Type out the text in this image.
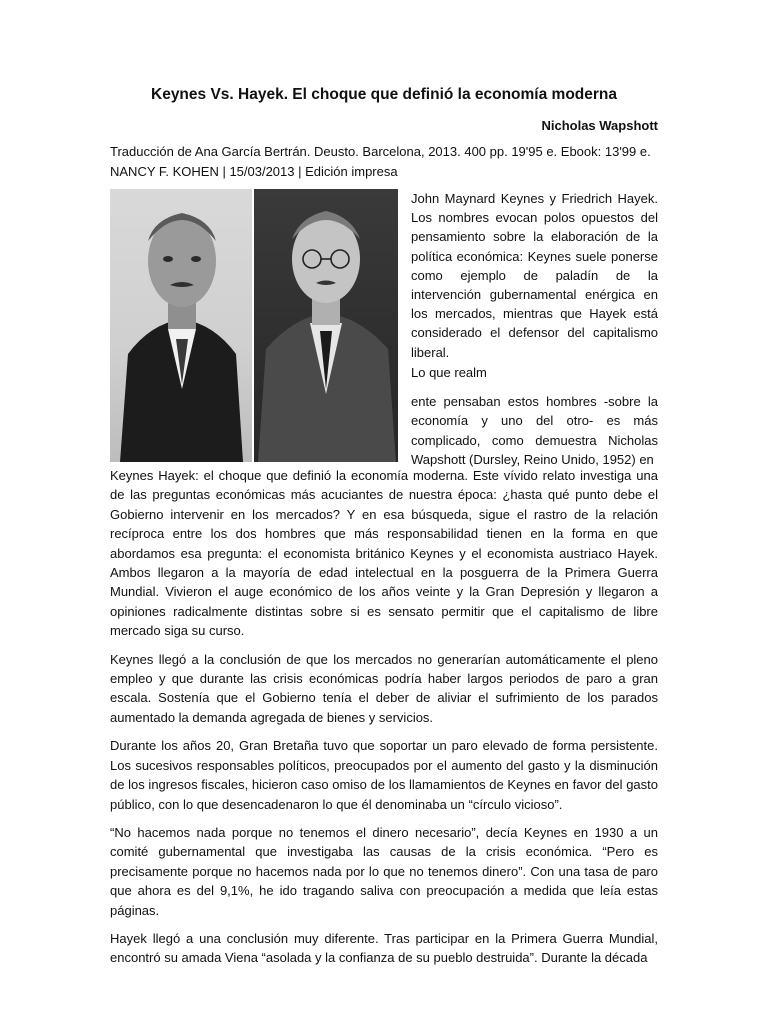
Keynes Vs. Hayek. El choque que definió la economía moderna
Nicholas Wapshott
Traducción de Ana García Bertrán. Deusto. Barcelona, 2013. 400 pp. 19'95 e. Ebook: 13'99 e.
NANCY F. KOHEN | 15/03/2013 | Edición impresa

John Maynard Keynes y Friedrich Hayek. Los nombres evocan polos opuestos del pensamiento sobre la elaboración de la política económica: Keynes suele ponerse como ejemplo de paladín de la intervención gubernamental enérgica en los mercados, mientras que Hayek está considerado el defensor del capitalismo liberal.

Lo que realm

ente pensaban estos hombres -sobre la economía y uno del otro- es más complicado, como demuestra Nicholas Wapshott (Dursley, Reino Unido, 1952) en

Keynes Hayek: el choque que definió la economía moderna. Este vívido relato investiga una de las preguntas económicas más acuciantes de nuestra época: ¿hasta qué punto debe el Gobierno intervenir en los mercados? Y en esa búsqueda, sigue el rastro de la relación recíproca entre los dos hombres que más responsabilidad tienen en la forma en que abordamos esa pregunta: el economista británico Keynes y el economista austriaco Hayek. Ambos llegaron a la mayoría de edad intelectual en la posguerra de la Primera Guerra Mundial. Vivieron el auge económico de los años veinte y la Gran Depresión y llegaron a opiniones radicalmente distintas sobre si es sensato permitir que el capitalismo de libre mercado siga su curso.

Keynes llegó a la conclusión de que los mercados no generarían automáticamente el pleno empleo y que durante las crisis económicas podría haber largos periodos de paro a gran escala. Sostenía que el Gobierno tenía el deber de aliviar el sufrimiento de los parados aumentado la demanda agregada de bienes y servicios.

Durante los años 20, Gran Bretaña tuvo que soportar un paro elevado de forma persistente. Los sucesivos responsables políticos, preocupados por el aumento del gasto y la disminución de los ingresos fiscales, hicieron caso omiso de los llamamientos de Keynes en favor del gasto público, con lo que desencadenaron lo que él denominaba un “círculo vicioso”.

“No hacemos nada porque no tenemos el dinero necesario”, decía Keynes en 1930 a un comité gubernamental que investigaba las causas de la crisis económica. “Pero es precisamente porque no hacemos nada por lo que no tenemos dinero”. Con una tasa de paro que ahora es del 9,1%, he ido tragando saliva con preocupación a medida que leía estas páginas.

Hayek llegó a una conclusión muy diferente. Tras participar en la Primera Guerra Mundial, encontró su amada Viena “asolada y la confianza de su pueblo destruida”. Durante la década
